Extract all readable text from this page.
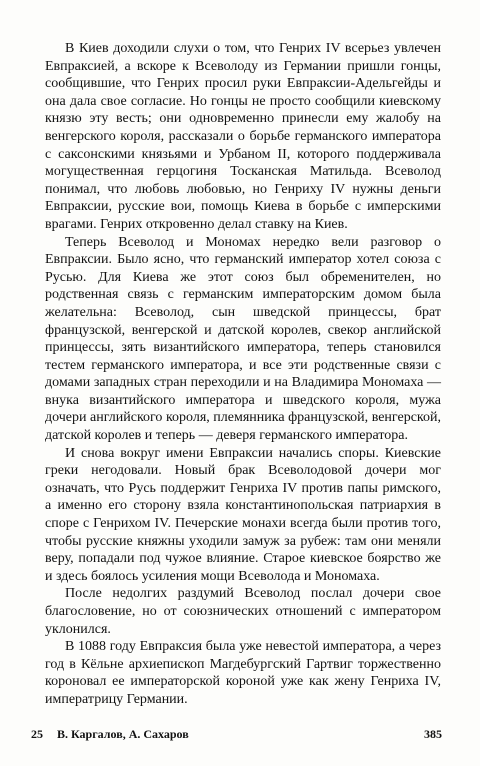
В Киев доходили слухи о том, что Генрих IV всерьез увлечен Евпраксией, а вскоре к Всеволоду из Германии пришли гонцы, сообщившие, что Генрих просил руки Евпраксии-Адельгейды и она дала свое согласие. Но гонцы не просто сообщили киевскому князю эту весть; они одновременно принесли ему жалобу на венгерского короля, рассказали о борьбе германского императора с саксонскими князьями и Урбаном II, которого поддерживала могущественная герцогиня Тосканская Матильда. Всеволод понимал, что любовь любовью, но Генриху IV нужны деньги Евпраксии, русские вои, помощь Киева в борьбе с имперскими врагами. Генрих откровенно делал ставку на Киев.

Теперь Всеволод и Мономах нередко вели разговор о Евпраксии. Было ясно, что германский император хотел союза с Русью. Для Киева же этот союз был обременителен, но родственная связь с германским императорским домом была желательна: Всеволод, сын шведской принцессы, брат французской, венгерской и датской королев, свекор английской принцессы, зять византийского императора, теперь становился тестем германского императора, и все эти родственные связи с домами западных стран переходили и на Владимира Мономаха — внука византийского императора и шведского короля, мужа дочери английского короля, племянника французской, венгерской, датской королев и теперь — деверя германского императора.

И снова вокруг имени Евпраксии начались споры. Киевские греки негодовали. Новый брак Всеволодовой дочери мог означать, что Русь поддержит Генриха IV против папы римского, а именно его сторону взяла константинопольская патриархия в споре с Генрихом IV. Печерские монахи всегда были против того, чтобы русские княжны уходили замуж за рубеж: там они меняли веру, попадали под чужое влияние. Старое киевское боярство же и здесь боялось усиления мощи Всеволода и Мономаха.

После недолгих раздумий Всеволод послал дочери свое благословение, но от союзнических отношений с императором уклонился.

В 1088 году Евпраксия была уже невестой императора, а через год в Кёльне архиепископ Магдебургский Гартвиг торжественно короновал ее императорской короной уже как жену Генриха IV, императрицу Германии.

25 В. Каргалов, А. Сахаров	385
